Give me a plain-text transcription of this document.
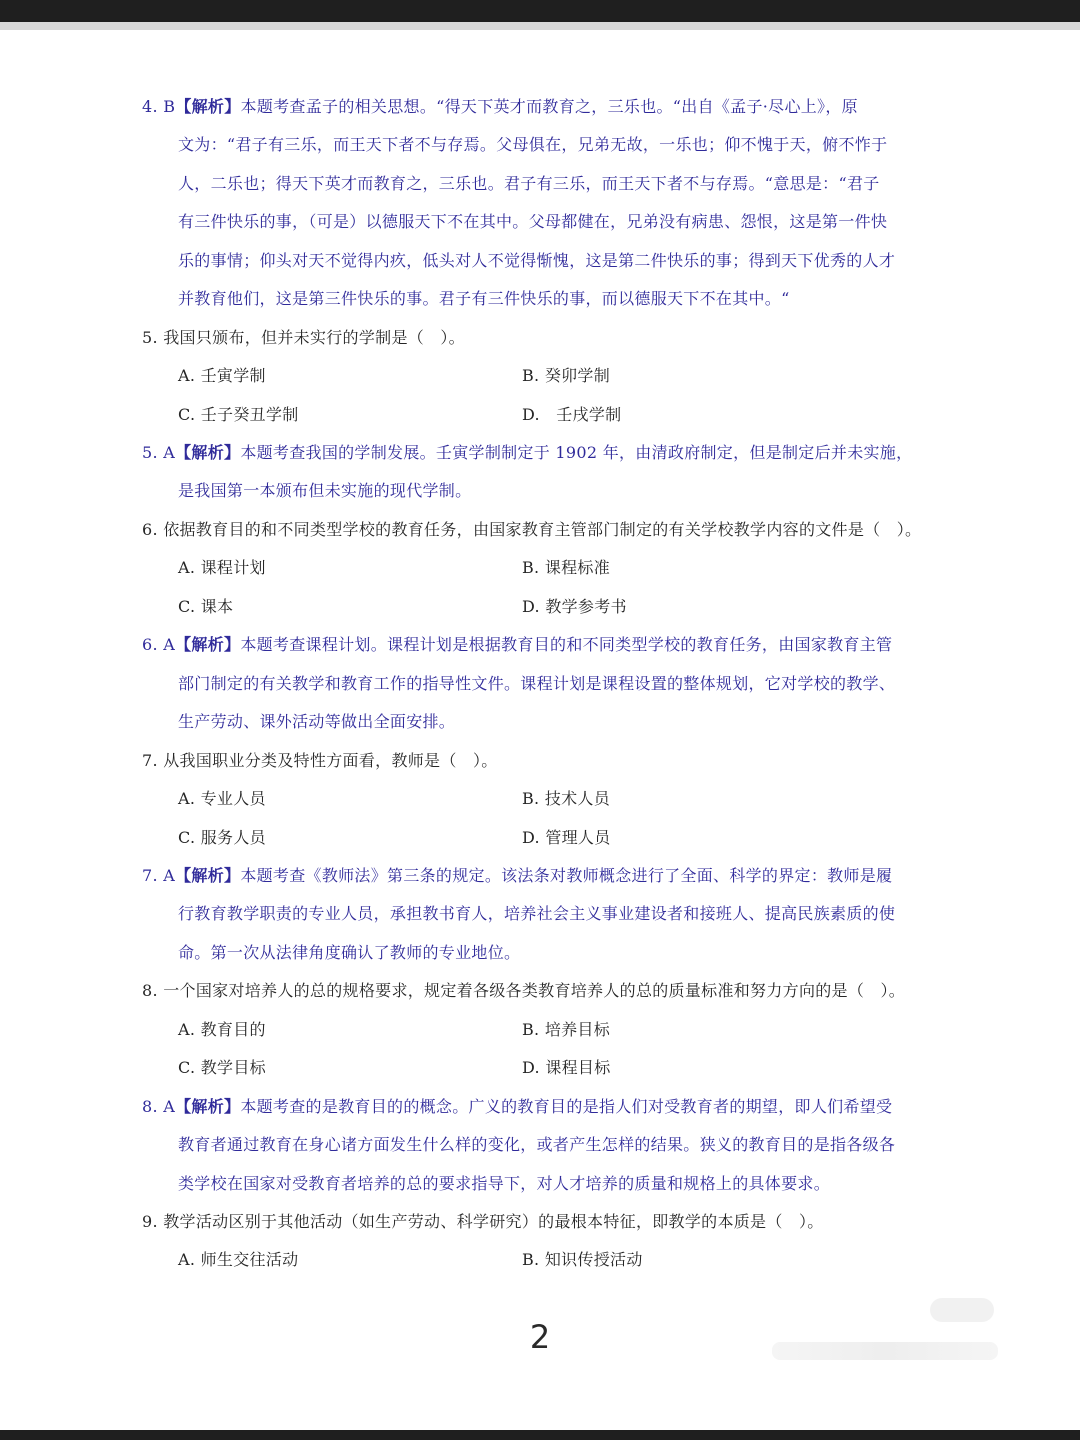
4. B【解析】本题考查孟子的相关思想。“得天下英才而教育之，三乐也。“出自《孟子·尽心上》，原
文为：“君子有三乐，而王天下者不与存焉。父母俱在，兄弟无故，一乐也；仰不愧于天，俯不怍于
人，二乐也；得天下英才而教育之，三乐也。君子有三乐，而王天下者不与存焉。“意思是：“君子
有三件快乐的事，（可是）以德服天下不在其中。父母都健在，兄弟没有病患、怨恨，这是第一件快
乐的事情；仰头对天不觉得内疚，低头对人不觉得惭愧，这是第二件快乐的事；得到天下优秀的人才
并教育他们，这是第三件快乐的事。君子有三件快乐的事，而以德服天下不在其中。“
5. 我国只颁布，但并未实行的学制是（　）。
A. 壬寅学制	B. 癸卯学制
C. 壬子癸丑学制	D.　壬戌学制
5. A【解析】本题考查我国的学制发展。壬寅学制制定于 1902 年，由清政府制定，但是制定后并未实施，
是我国第一本颁布但未实施的现代学制。
6. 依据教育目的和不同类型学校的教育任务，由国家教育主管部门制定的有关学校教学内容的文件是（　）。
A. 课程计划	B. 课程标准
C. 课本	D. 教学参考书
6. A【解析】本题考查课程计划。课程计划是根据教育目的和不同类型学校的教育任务，由国家教育主管
部门制定的有关教学和教育工作的指导性文件。课程计划是课程设置的整体规划，它对学校的教学、
生产劳动、课外活动等做出全面安排。
7. 从我国职业分类及特性方面看，教师是（　）。
A. 专业人员	B. 技术人员
C. 服务人员	D. 管理人员
7. A【解析】本题考查《教师法》第三条的规定。该法条对教师概念进行了全面、科学的界定：教师是履
行教育教学职责的专业人员，承担教书育人，培养社会主义事业建设者和接班人、提高民族素质的使
命。第一次从法律角度确认了教师的专业地位。
8. 一个国家对培养人的总的规格要求，规定着各级各类教育培养人的总的质量标准和努力方向的是（　）。
A. 教育目的	B. 培养目标
C. 教学目标	D. 课程目标
8. A【解析】本题考查的是教育目的的概念。广义的教育目的是指人们对受教育者的期望，即人们希望受
教育者通过教育在身心诸方面发生什么样的变化，或者产生怎样的结果。狭义的教育目的是指各级各
类学校在国家对受教育者培养的总的要求指导下，对人才培养的质量和规格上的具体要求。
9. 教学活动区别于其他活动（如生产劳动、科学研究）的最根本特征，即教学的本质是（　）。
A. 师生交往活动	B. 知识传授活动
2
